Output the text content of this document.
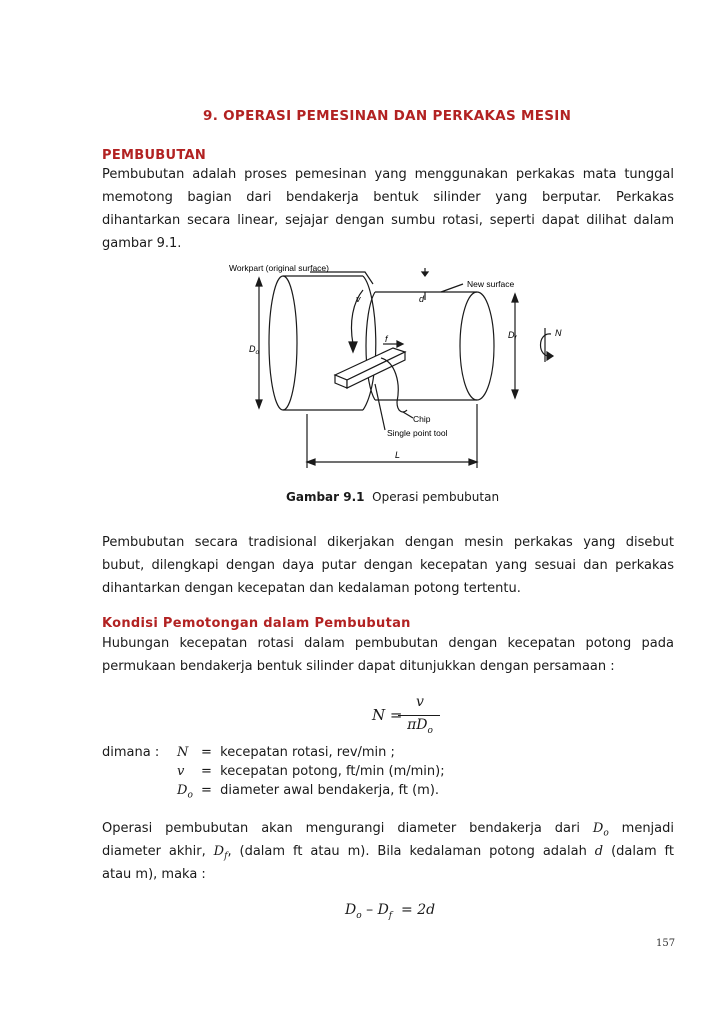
9. OPERASI PEMESINAN DAN PERKAKAS MESIN
PEMBUBUTAN
Pembubutan adalah proses pemesinan yang menggunakan perkakas mata tunggal
memotong bagian dari bendakerja bentuk silinder yang berputar. Perkakas
dihantarkan secara linear, sejajar dengan sumbu rotasi, seperti dapat dilihat dalam
gambar 9.1.
Workpart (original surface)
New surface
v	d
$D_o$
$D_f$
f
N
Chip
Single point tool
L
Gambar 9.1 Operasi pembubutan
Pembubutan secara tradisional dikerjakan dengan mesin perkakas yang disebut
bubut, dilengkapi dengan daya putar dengan kecepatan yang sesuai dan perkakas
dihantarkan dengan kecepatan dan kedalaman potong tertentu.
Kondisi Pemotongan dalam Pembubutan
Hubungan kecepatan rotasi dalam pembubutan dengan kecepatan potong pada
permukaan bendakerja bentuk silinder dapat ditunjukkan dengan persamaan :
N =
v
$\pi D_o$
dimana : N = kecepatan rotasi, rev/min ;
v = kecepatan potong, ft/min (m/min);
$D_o$ = diameter awal bendakerja, ft (m).
Operasi pembubutan akan mengurangi diameter bendakerja dari $D_o$ menjadi
diameter akhir, $D_f$, (dalam ft atau m). Bila kedalaman potong adalah d (dalam ft
atau m), maka :
$D_o - D_f = 2d$
157
